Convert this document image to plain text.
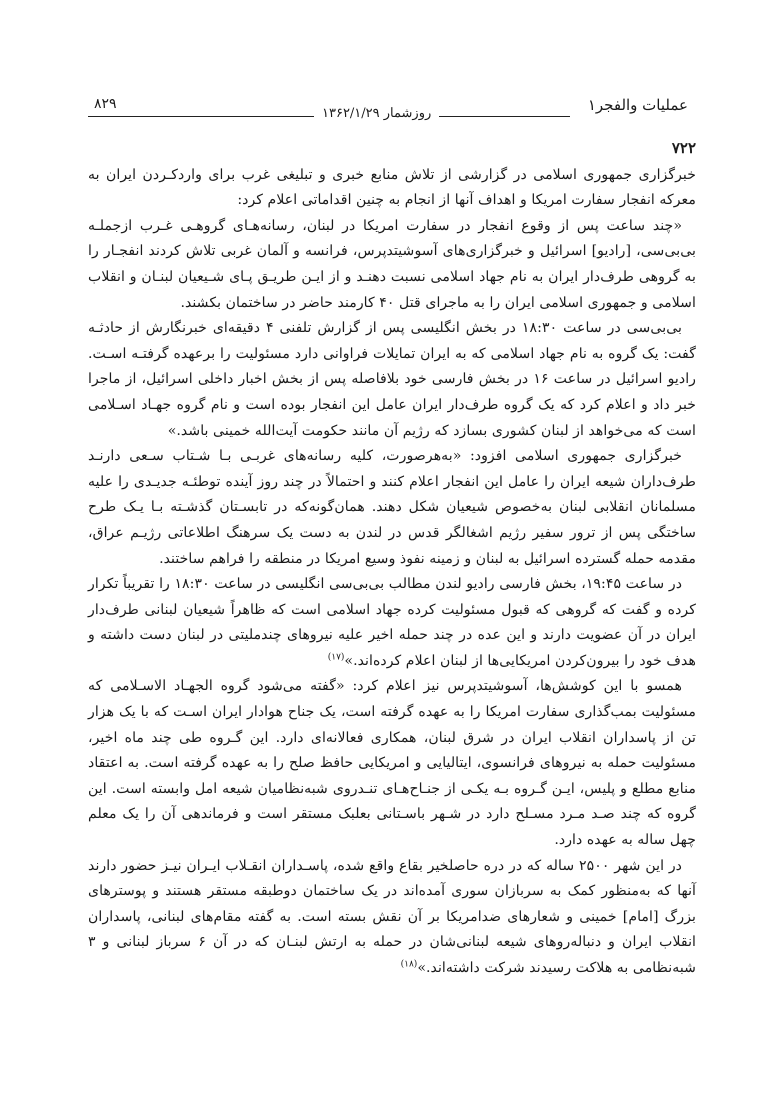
۸۲۹
روزشمار ۱۳۶۲/۱/۲۹	عملیات والفجر۱
۷۲۲

خبرگزاری جمهوری اسلامی در گزارشی از تلاش منابع خبری و تبلیغی غرب برای واردکـردن ایران به معرکه انفجار سفارت امریکا و اهداف آنها از انجام به چنین اقداماتی اعلام کرد:

«چند ساعت پس از وقوع انفجار در سفارت امریکا در لبنان، رسانه‌هـای گروهـی غـرب ازجملـه بی‌بی‌سی، [رادیو] اسرائیل و خبرگزاری‌های آسوشیتدپرس، فرانسه و آلمان غربی تلاش کردند انفجـار را به گروهی طرف‌دار ایران به نام جهاد اسلامی نسبت دهنـد و از ایـن طریـق پـای شـیعیان لبنـان و انقلاب اسلامی و جمهوری اسلامی ایران را به ماجرای قتل ۴۰ کارمند حاضر در ساختمان بکشند.

بی‌بی‌سی در ساعت ۱۸:۳۰ در بخش انگلیسی پس از گزارش تلفنی ۴ دقیقه‌ای خبرنگارش از حادثـه گفت: یک گروه به نام جهاد اسلامی که به ایران تمایلات فراوانی دارد مسئولیت را برعهده گرفتـه اسـت. رادیو اسرائیل در ساعت ۱۶ در بخش فارسی خود بلافاصله پس از بخش اخبار داخلی اسرائیل، از ماجرا خبر داد و اعلام کرد که یک گروه طرف‌دار ایران عامل این انفجار بوده است و نام گروه جهـاد اسـلامی است که می‌خواهد از لبنان کشوری بسازد که رژیم آن مانند حکومت آیت‌الله خمینی باشد.»

خبرگزاری جمهوری اسلامی افزود: «به‌هرصورت، کلیه رسانه‌های غربـی بـا شـتاب سـعی دارنـد طرف‌داران شیعه ایران را عامل این انفجار اعلام کنند و احتمالاً در چند روز آینده توطئـه جدیـدی را علیه مسلمانان انقلابی لبنان به‌خصوص شیعیان شکل دهند. همان‌گونه‌که در تابسـتان گذشـته بـا یـک طرح ساختگی پس از ترور سفیر رژیم اشغالگر قدس در لندن به دست یک سرهنگ اطلاعاتی رژیـم عراق، مقدمه حمله گسترده اسرائیل به لبنان و زمینه نفوذ وسیع امریکا در منطقه را فراهم ساختند.

در ساعت ۱۹:۴۵، بخش فارسی رادیو لندن مطالب بی‌بی‌سی انگلیسی در ساعت ۱۸:۳۰ را تقریباً تکرار کرده و گفت که گروهی که قبول مسئولیت کرده جهاد اسلامی است که ظاهراً شیعیان لبنانی طرف‌دار ایران در آن عضویت دارند و این عده در چند حمله اخیر علیه نیروهای چندملیتی در لبنان دست داشته و هدف خود را بیرون‌کردن امریکایی‌ها از لبنان اعلام کرده‌اند.»$^{(۱۷)}$

همسو با این کوشش‌ها، آسوشیتدپرس نیز اعلام کرد: «گفته می‌شود گروه الجهـاد الاسـلامی که مسئولیت بمب‌گذاری سفارت امریکا را به عهده گرفته است، یک جناح هوادار ایران اسـت که با یک هزار تن از پاسداران انقلاب ایران در شرق لبنان، همکاری فعالانه‌ای دارد. این گـروه طی چند ماه اخیر، مسئولیت حمله به نیروهای فرانسوی، ایتالیایی و امریکایی حافظ صلح را به عهده گرفته است. به اعتقاد منابع مطلع و پلیس، ایـن گـروه بـه یکـی از جنـاح‌هـای تنـدروی شبه‌نظامیان شیعه امل وابسته است. این گروه که چند صـد مـرد مسـلح دارد در شـهر باسـتانی بعلبک مستقر است و فرماندهی آن را یک معلم چهل ساله به عهده دارد.

در این شهر ۲۵۰۰ ساله که در دره حاصلخیر بقاع واقع شده، پاسـداران انقـلاب ایـران نیـز حضور دارند آنها که به‌منظور کمک به سربازان سوری آمده‌اند در یک ساختمان دوطبقه مستقر هستند و پوسترهای بزرگ [امام] خمینی و شعارهای ضدامریکا بر آن نقش بسته است. به گفته مقام‌های لبنانی، پاسداران انقلاب ایران و دنباله‌روهای شیعه لبنانی‌شان در حمله به ارتش لبنـان که در آن ۶ سرباز لبنانی و ۳ شبه‌نظامی به هلاکت رسیدند شرکت داشته‌اند.»$^{(۱۸)}$
